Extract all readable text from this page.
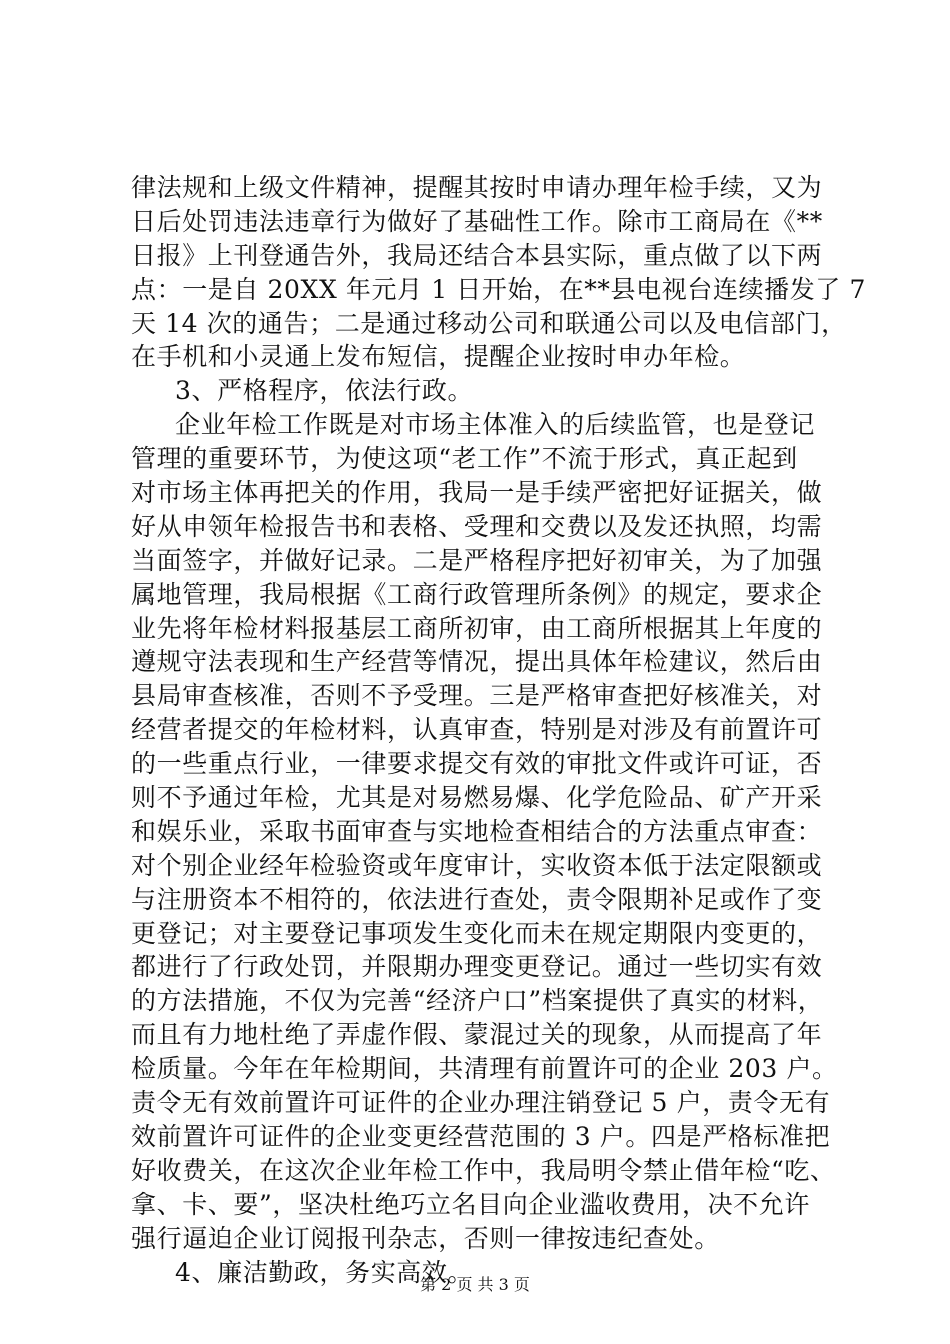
律法规和上级文件精神，提醒其按时申请办理年检手续，又为
日后处罚违法违章行为做好了基础性工作。除市工商局在《**
日报》上刊登通告外，我局还结合本县实际，重点做了以下两
点：一是自 20XX 年元月 1 日开始，在**县电视台连续播发了 7
天 14 次的通告；二是通过移动公司和联通公司以及电信部门，
在手机和小灵通上发布短信，提醒企业按时申办年检。
3、严格程序，依法行政。
企业年检工作既是对市场主体准入的后续监管，也是登记
管理的重要环节，为使这项“老工作”不流于形式，真正起到
对市场主体再把关的作用，我局一是手续严密把好证据关，做
好从申领年检报告书和表格、受理和交费以及发还执照，均需
当面签字，并做好记录。二是严格程序把好初审关，为了加强
属地管理，我局根据《工商行政管理所条例》的规定，要求企
业先将年检材料报基层工商所初审，由工商所根据其上年度的
遵规守法表现和生产经营等情况，提出具体年检建议，然后由
县局审查核准，否则不予受理。三是严格审查把好核准关，对
经营者提交的年检材料，认真审查，特别是对涉及有前置许可
的一些重点行业，一律要求提交有效的审批文件或许可证，否
则不予通过年检，尤其是对易燃易爆、化学危险品、矿产开采
和娱乐业，采取书面审查与实地检查相结合的方法重点审查：
对个别企业经年检验资或年度审计，实收资本低于法定限额或
与注册资本不相符的，依法进行查处，责令限期补足或作了变
更登记；对主要登记事项发生变化而未在规定期限内变更的，
都进行了行政处罚，并限期办理变更登记。通过一些切实有效
的方法措施，不仅为完善“经济户口”档案提供了真实的材料，
而且有力地杜绝了弄虚作假、蒙混过关的现象，从而提高了年
检质量。今年在年检期间，共清理有前置许可的企业 203 户。
责令无有效前置许可证件的企业办理注销登记 5 户，责令无有
效前置许可证件的企业变更经营范围的 3 户。四是严格标准把
好收费关，在这次企业年检工作中，我局明令禁止借年检“吃、
拿、卡、要”，坚决杜绝巧立名目向企业滥收费用，决不允许
强行逼迫企业订阅报刊杂志，否则一律按违纪查处。
4、廉洁勤政，务实高效。
第 2 页 共 3 页
